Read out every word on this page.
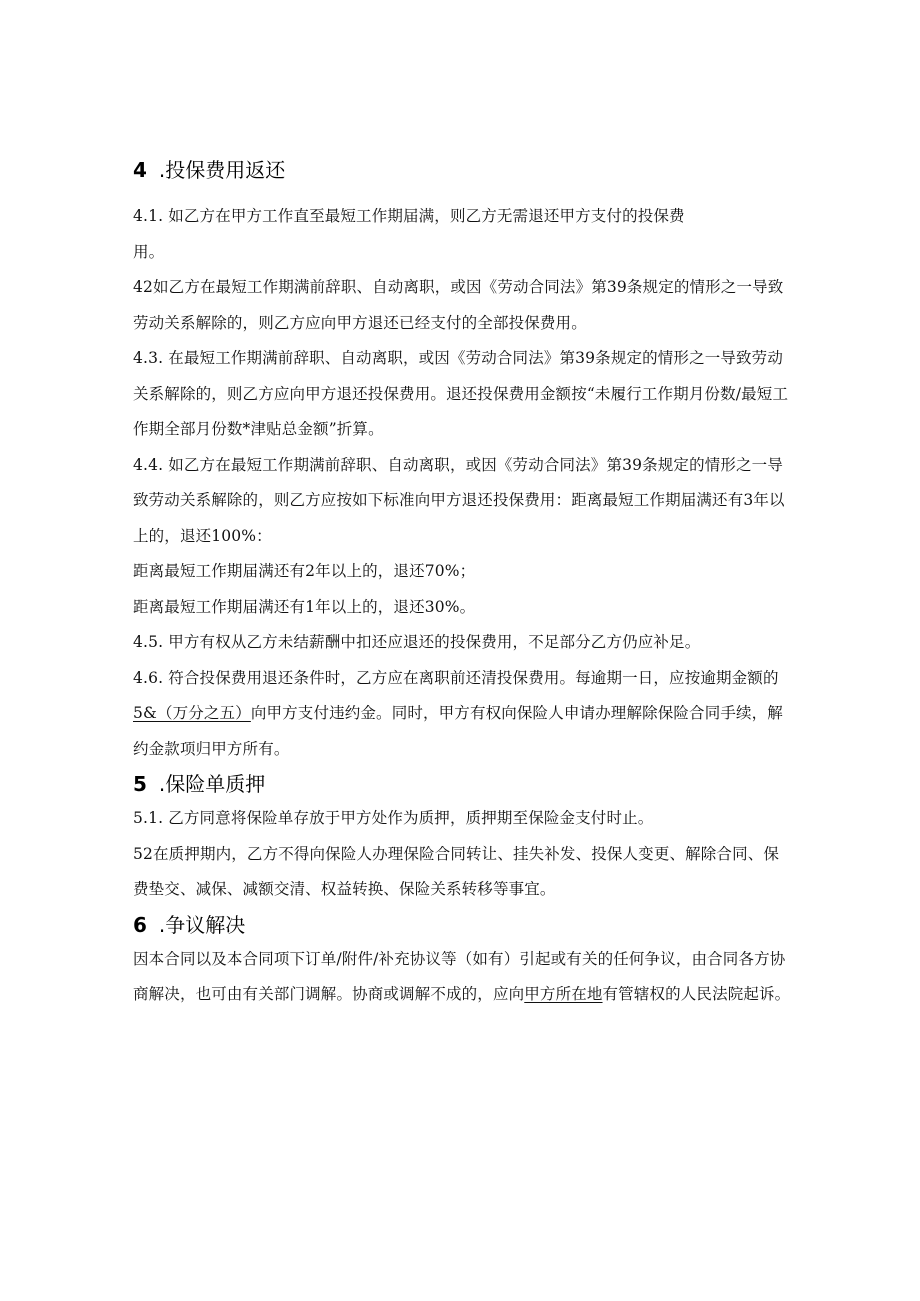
4 .投保费用返还

4.1. 如乙方在甲方工作直至最短工作期届满，则乙方无需退还甲方支付的投保费
用。

42如乙方在最短工作期满前辞职、自动离职，或因《劳动合同法》第39条规定的情形之一导致劳动关系解除的，则乙方应向甲方退还已经支付的全部投保费用。

4.3. 在最短工作期满前辞职、自动离职，或因《劳动合同法》第39条规定的情形之一导致劳动关系解除的，则乙方应向甲方退还投保费用。退还投保费用金额按“未履行工作期月份数/最短工作期全部月份数*津贴总金额”折算。

4.4. 如乙方在最短工作期满前辞职、自动离职，或因《劳动合同法》第39条规定的情形之一导致劳动关系解除的，则乙方应按如下标准向甲方退还投保费用：距离最短工作期届满还有3年以上的，退还100%：

距离最短工作期届满还有2年以上的，退还70%；

距离最短工作期届满还有1年以上的，退还30%。

4.5. 甲方有权从乙方未结薪酬中扣还应退还的投保费用，不足部分乙方仍应补足。

4.6. 符合投保费用退还条件时，乙方应在离职前还清投保费用。每逾期一日，应按逾期金额的5&（万分之五）向甲方支付违约金。同时，甲方有权向保险人申请办理解除保险合同手续，解约金款项归甲方所有。

5 .保险单质押

5.1. 乙方同意将保险单存放于甲方处作为质押，质押期至保险金支付时止。

52在质押期内，乙方不得向保险人办理保险合同转让、挂失补发、投保人变更、解除合同、保费垫交、减保、减额交清、权益转换、保险关系转移等事宜。

6 .争议解决

因本合同以及本合同项下订单/附件/补充协议等（如有）引起或有关的任何争议，由合同各方协商解决，也可由有关部门调解。协商或调解不成的，应向甲方所在地有管辖权的人民法院起诉。
